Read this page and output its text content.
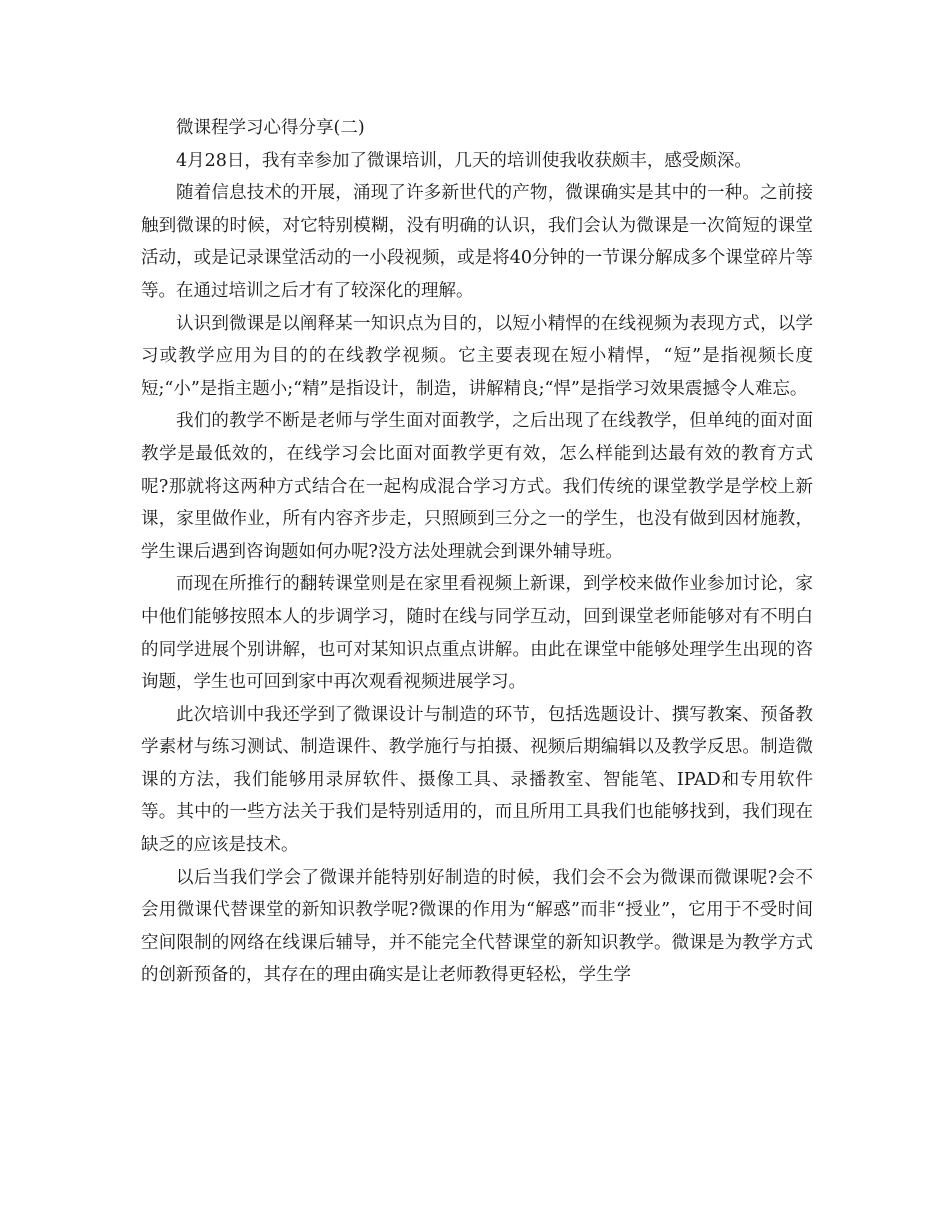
微课程学习心得分享(二)

4月28日，我有幸参加了微课培训，几天的培训使我收获颇丰，感受颇深。

随着信息技术的开展，涌现了许多新世代的产物，微课确实是其中的一种。之前接触到微课的时候，对它特别模糊，没有明确的认识，我们会认为微课是一次简短的课堂活动，或是记录课堂活动的一小段视频，或是将40分钟的一节课分解成多个课堂碎片等等。在通过培训之后才有了较深化的理解。

认识到微课是以阐释某一知识点为目的，以短小精悍的在线视频为表现方式，以学习或教学应用为目的的在线教学视频。它主要表现在短小精悍，“短”是指视频长度短;“小”是指主题小;“精”是指设计，制造，讲解精良;“悍”是指学习效果震撼令人难忘。

我们的教学不断是老师与学生面对面教学，之后出现了在线教学，但单纯的面对面教学是最低效的，在线学习会比面对面教学更有效，怎么样能到达最有效的教育方式呢?那就将这两种方式结合在一起构成混合学习方式。我们传统的课堂教学是学校上新课，家里做作业，所有内容齐步走，只照顾到三分之一的学生，也没有做到因材施教，学生课后遇到咨询题如何办呢?没方法处理就会到课外辅导班。

而现在所推行的翻转课堂则是在家里看视频上新课，到学校来做作业参加讨论，家中他们能够按照本人的步调学习，随时在线与同学互动，回到课堂老师能够对有不明白的同学进展个别讲解，也可对某知识点重点讲解。由此在课堂中能够处理学生出现的咨询题，学生也可回到家中再次观看视频进展学习。

此次培训中我还学到了微课设计与制造的环节，包括选题设计、撰写教案、预备教学素材与练习测试、制造课件、教学施行与拍摄、视频后期编辑以及教学反思。制造微课的方法，我们能够用录屏软件、摄像工具、录播教室、智能笔、IPAD和专用软件等。其中的一些方法关于我们是特别适用的，而且所用工具我们也能够找到，我们现在缺乏的应该是技术。

以后当我们学会了微课并能特别好制造的时候，我们会不会为微课而微课呢?会不会用微课代替课堂的新知识教学呢?微课的作用为“解惑”而非“授业”，它用于不受时间空间限制的网络在线课后辅导，并不能完全代替课堂的新知识教学。微课是为教学方式的创新预备的，其存在的理由确实是让老师教得更轻松，学生学
